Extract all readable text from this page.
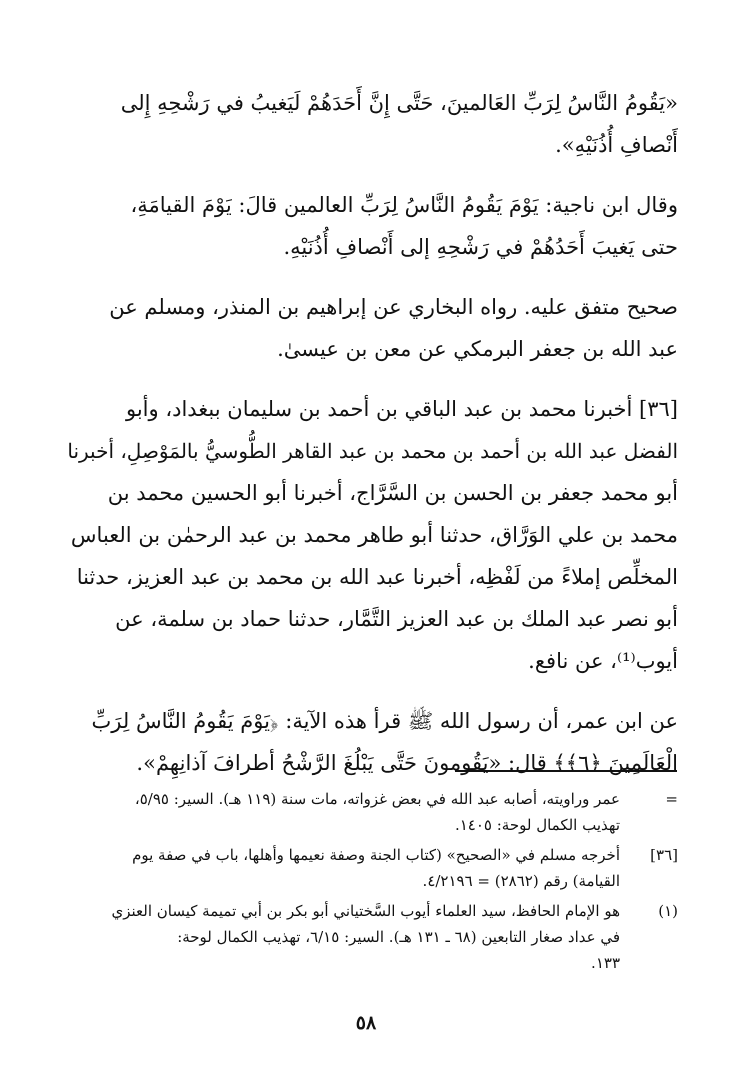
«يَقُومُ النَّاسُ لِرَبِّ العَالمينَ، حَتَّى إِنَّ أَحَدَهُمْ لَيَغيبُ في رَشْحِهِ إِلى
أَنْصافِ أُذُنَيْهِ».

وقال ابن ناجية: يَوْمَ يَقُومُ النَّاسُ لِرَبِّ العالمين قالَ: يَوْمَ القيامَةِ،
حتى يَغيبَ أَحَدُهُمْ في رَشْحِهِ إلى أَنْصافِ أُذُنَيْهِ.

صحيح متفق عليه. رواه البخاري عن إبراهيم بن المنذر، ومسلم عن
عبد الله بن جعفر البرمكي عن معن بن عيسىٰ.

[٣٦] أخبرنا محمد بن عبد الباقي بن أحمد بن سليمان ببغداد، وأبو
الفضل عبد الله بن أحمد بن محمد بن عبد القاهر الطُّوسيُّ بالمَوْصِلِ، أخبرنا
أبو محمد جعفر بن الحسن بن السَّرَّاج، أخبرنا أبو الحسين محمد بن
محمد بن علي الوَرَّاق، حدثنا أبو طاهر محمد بن عبد الرحمٰن بن العباس
المخلِّص إملاءً من لَفْظِه، أخبرنا عبد الله بن محمد بن عبد العزيز، حدثنا
أبو نصر عبد الملك بن عبد العزيز التَّمَّار، حدثنا حماد بن سلمة، عن
أيوب⁽¹⁾، عن نافع.

عن ابن عمر، أن رسول الله ﷺ قرأ هذه الآية: ﴿يَوْمَ يَقُومُ النَّاسُ لِرَبِّ
الْعَالَمِينَ ﴿٦﴾﴾ قال: «يَقُومونَ حَتَّى يَبْلُغَ الرَّشْحُ أطرافَ آذانِهِمْ».

=
عمر وراويته، أصابه عبد الله في بعض غزواته، مات سنة (١١٩ هـ). السير: ٥/٩٥،
تهذيب الكمال لوحة: ١٤٠٥.
[٣٦]
أخرجه مسلم في «الصحيح» (كتاب الجنة وصفة نعيمها وأهلها، باب في صفة يوم
القيامة) رقم (٢٨٦٢) = ٤/٢١٩٦.
(١)
هو الإمام الحافظ، سيد العلماء أيوب السَّختياني أبو بكر بن أبي تميمة كيسان العنزي
في عداد صغار التابعين (٦٨ ـ ١٣١ هـ). السير: ٦/١٥، تهذيب الكمال لوحة:
١٣٣.
٥٨
